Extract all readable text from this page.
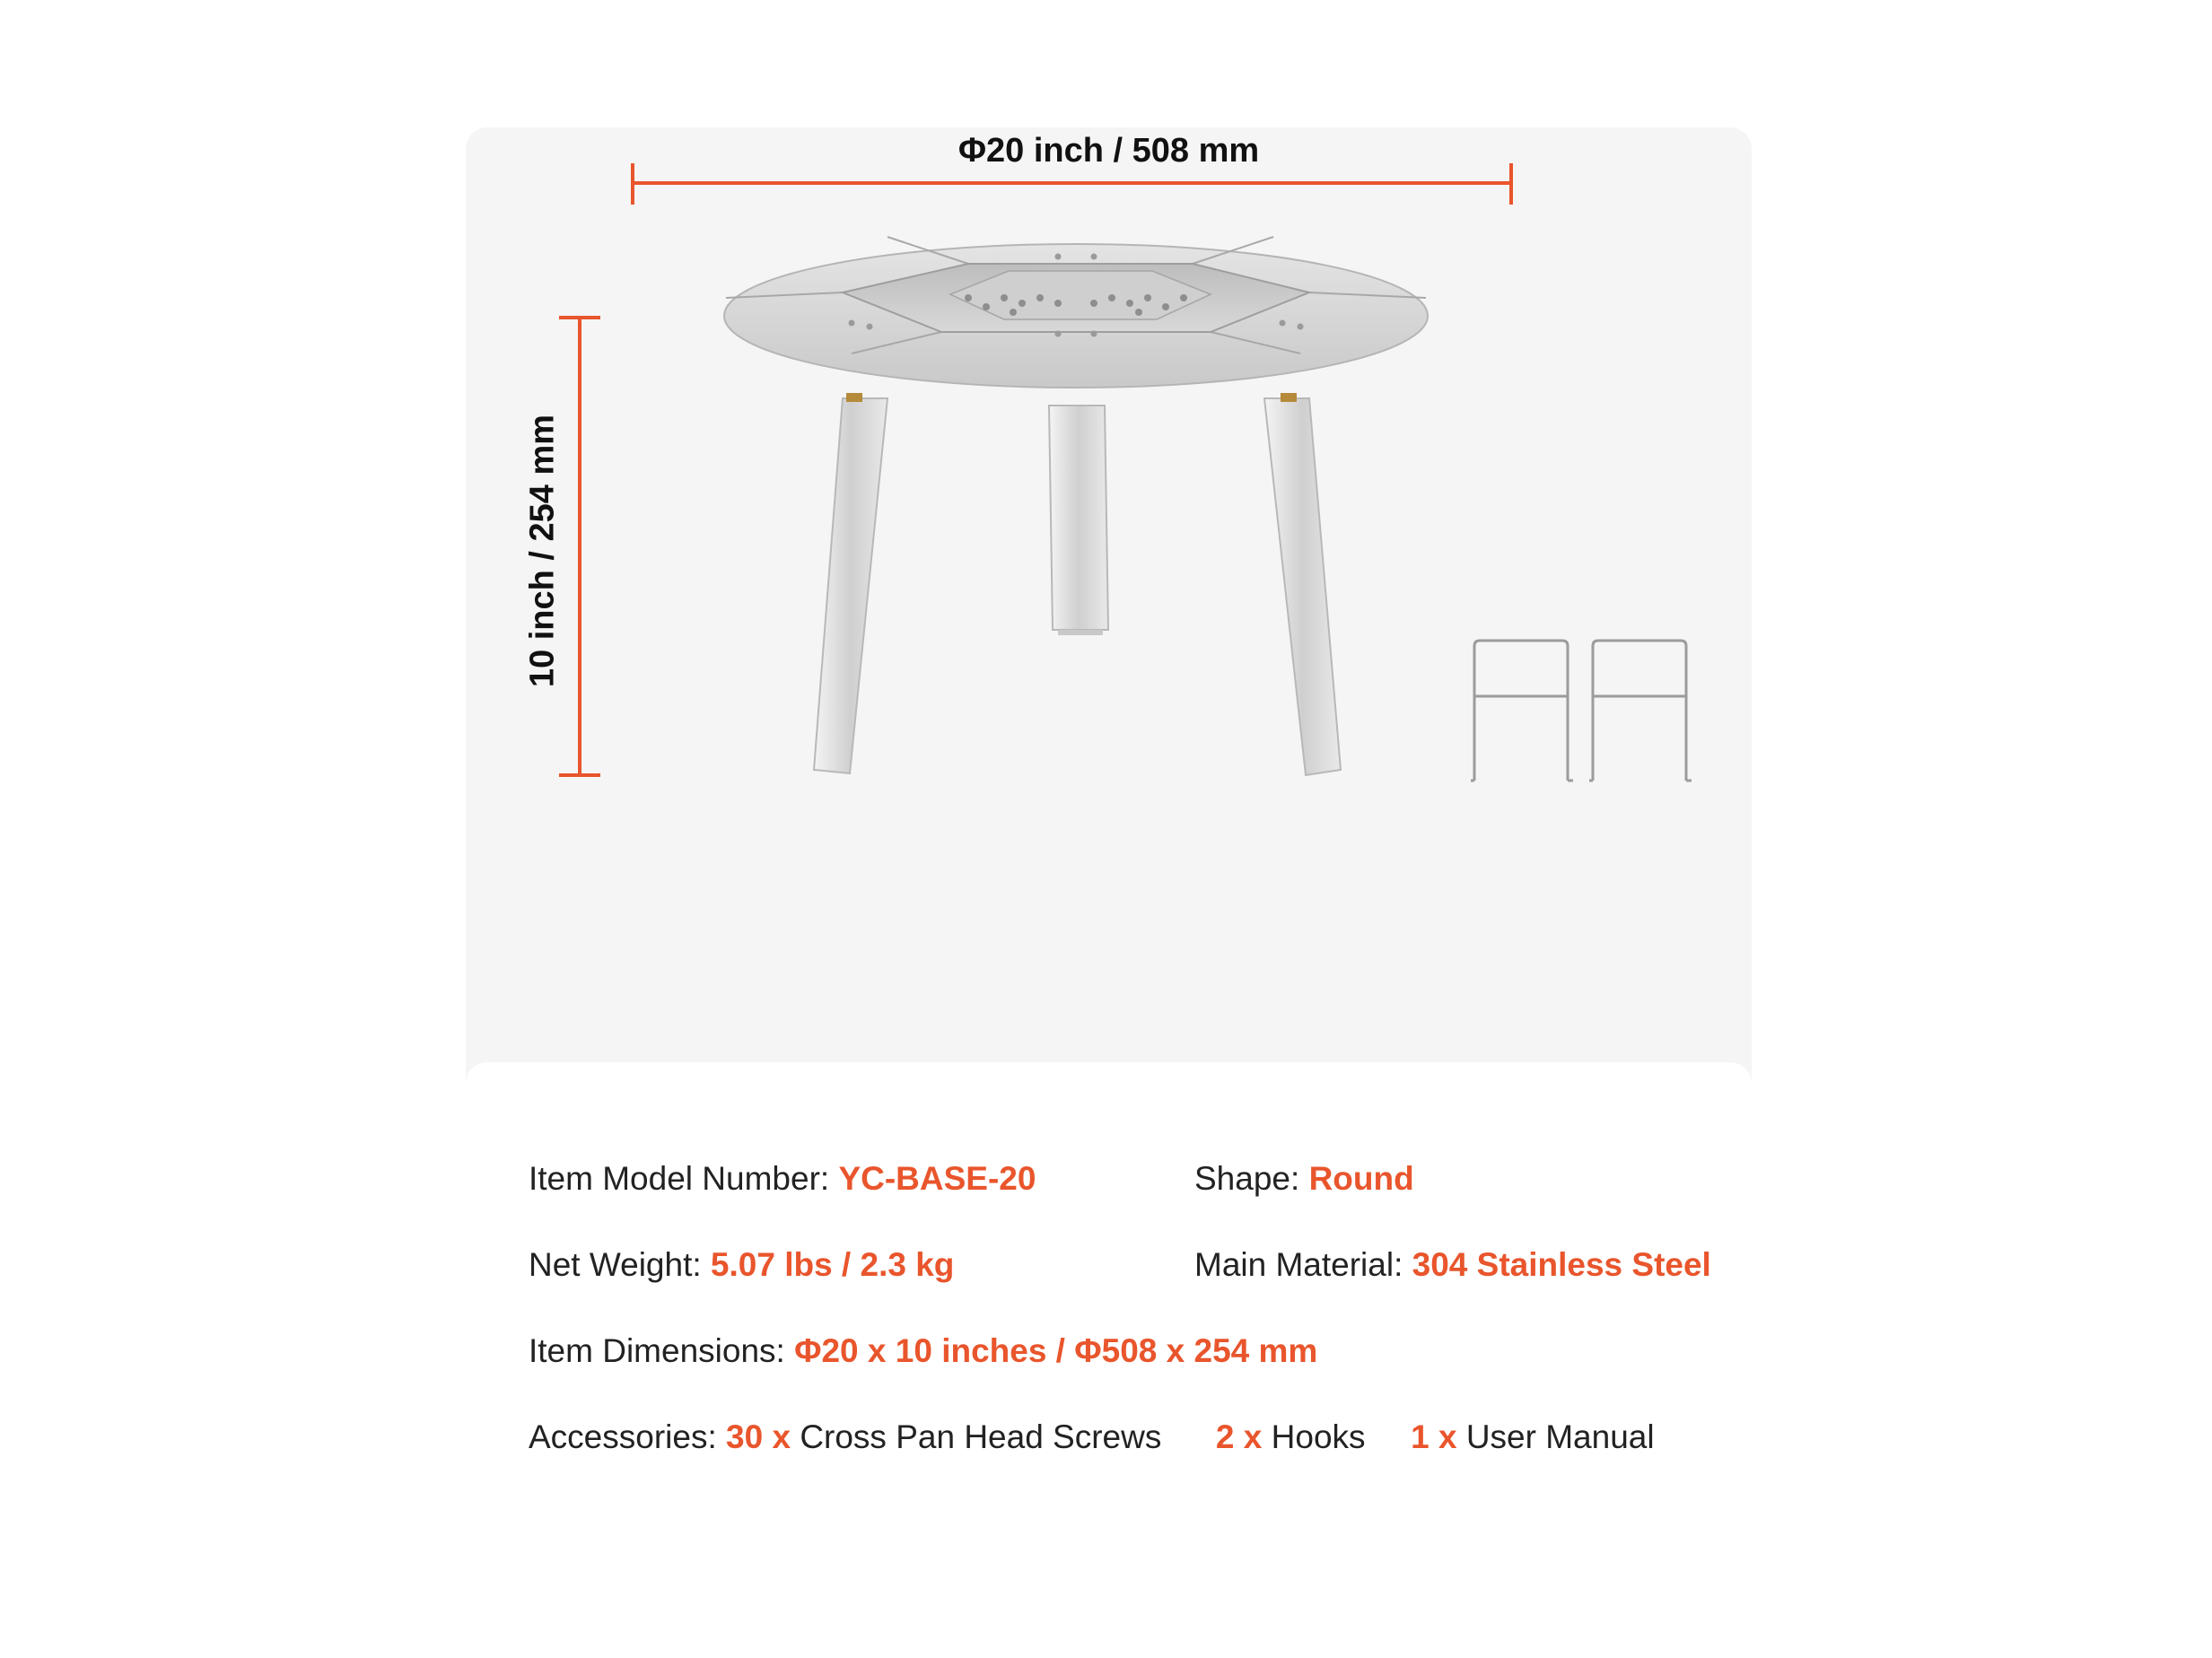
Φ20 inch / 508 mm
10 inch / 254 mm
Item Model Number: YC-BASE-20	Shape: Round
Net Weight: 5.07 lbs / 2.3 kg	Main Material: 304 Stainless Steel
Item Dimensions: Φ20 x 10 inches / Φ508 x 254 mm
Accessories: 30 x Cross Pan Head Screws 2 x Hooks 1 x User Manual
